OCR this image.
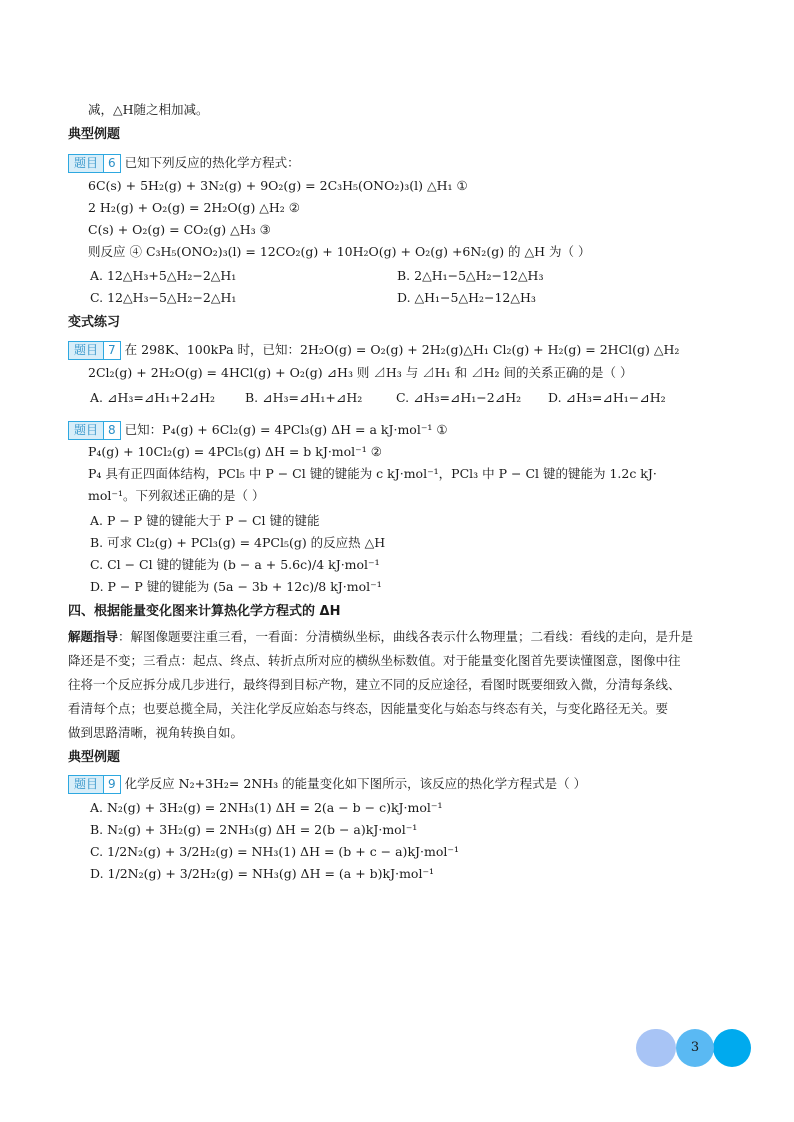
减，△H随之相加减。
典型例题
题目 6 已知下列反应的热化学方程式：
6C(s) + 5H₂(g) + 3N₂(g) + 9O₂(g) = 2C₃H₅(ONO₂)₃(l) △H₁ ①
2 H₂(g) + O₂(g) = 2H₂O(g) △H₂ ②
C(s) + O₂(g) = CO₂(g) △H₃ ③
则反应 ④ C₃H₅(ONO₂)₃(l) = 12CO₂(g) + 10H₂O(g) + O₂(g) +6N₂(g) 的 △H 为（ ）
A. 12△H₃+5△H₂−2△H₁	B. 2△H₁−5△H₂−12△H₃
C. 12△H₃−5△H₂−2△H₁	D. △H₁−5△H₂−12△H₃
变式练习
题目 7 在 298K、100kPa 时，已知：2H₂O(g) = O₂(g) + 2H₂(g)△H₁ Cl₂(g) + H₂(g) = 2HCl(g) △H₂
2Cl₂(g) + 2H₂O(g) = 4HCl(g) + O₂(g) ⊿H₃ 则 ⊿H₃ 与 ⊿H₁ 和 ⊿H₂ 间的关系正确的是（ ）
A. ⊿H₃=⊿H₁+2⊿H₂ B. ⊿H₃=⊿H₁+⊿H₂	C. ⊿H₃=⊿H₁−2⊿H₂ D. ⊿H₃=⊿H₁−⊿H₂
题目 8 已知：P₄(g) + 6Cl₂(g) = 4PCl₃(g) ΔH = a kJ·mol⁻¹ ①
P₄(g) + 10Cl₂(g) = 4PCl₅(g) ΔH = b kJ·mol⁻¹ ②
P₄ 具有正四面体结构，PCl₅ 中 P − Cl 键的键能为 c kJ·mol⁻¹，PCl₃ 中 P − Cl 键的键能为 1.2c kJ·
mol⁻¹。下列叙述正确的是（ ）
A. P − P 键的键能大于 P − Cl 键的键能
B. 可求 Cl₂(g) + PCl₃(g) = 4PCl₅(g) 的反应热 △H
C. Cl − Cl 键的键能为 (b − a + 5.6c)/4 kJ·mol⁻¹
D. P − P 键的键能为 (5a − 3b + 12c)/8 kJ·mol⁻¹
四、根据能量变化图来计算热化学方程式的 ΔH
解题指导：解图像题要注重三看，一看面：分清横纵坐标，曲线各表示什么物理量；二看线：看线的走向，是升是
降还是不变；三看点：起点、终点、转折点所对应的横纵坐标数值。对于能量变化图首先要读懂图意，图像中往
往将一个反应拆分成几步进行，最终得到目标产物，建立不同的反应途径，看图时既要细致入微，分清每条线、
看清每个点；也要总揽全局，关注化学反应始态与终态，因能量变化与始态与终态有关，与变化路径无关。要
做到思路清晰，视角转换自如。
典型例题
题目 9 化学反应 N₂+3H₂= 2NH₃ 的能量变化如下图所示，该反应的热化学方程式是（ ）
A. N₂(g) + 3H₂(g) = 2NH₃(1) ΔH = 2(a − b − c)kJ·mol⁻¹
B. N₂(g) + 3H₂(g) = 2NH₃(g) ΔH = 2(b − a)kJ·mol⁻¹
C. 1/2N₂(g) + 3/2H₂(g) = NH₃(1) ΔH = (b + c − a)kJ·mol⁻¹
D. 1/2N₂(g) + 3/2H₂(g) = NH₃(g) ΔH = (a + b)kJ·mol⁻¹
3
